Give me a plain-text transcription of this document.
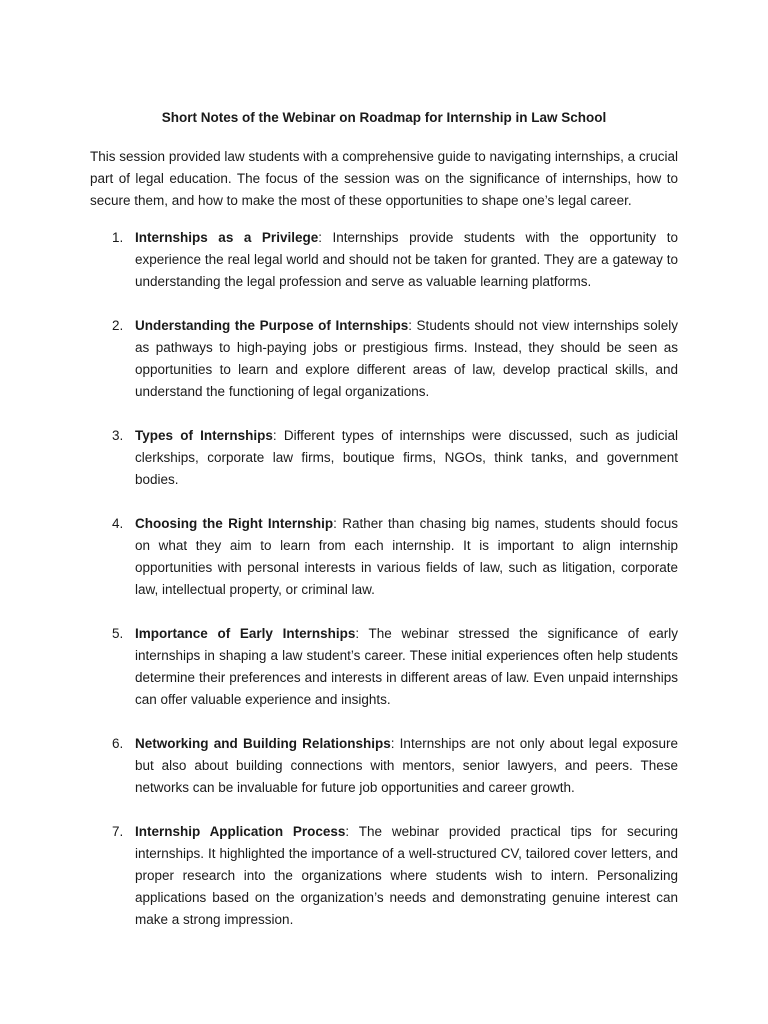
Short Notes of the Webinar on Roadmap for Internship in Law School

This session provided law students with a comprehensive guide to navigating internships, a crucial part of legal education. The focus of the session was on the significance of internships, how to secure them, and how to make the most of these opportunities to shape one’s legal career.

1. Internships as a Privilege: Internships provide students with the opportunity to experience the real legal world and should not be taken for granted. They are a gateway to understanding the legal profession and serve as valuable learning platforms.
2. Understanding the Purpose of Internships: Students should not view internships solely as pathways to high-paying jobs or prestigious firms. Instead, they should be seen as opportunities to learn and explore different areas of law, develop practical skills, and understand the functioning of legal organizations.
3. Types of Internships: Different types of internships were discussed, such as judicial clerkships, corporate law firms, boutique firms, NGOs, think tanks, and government bodies.
4. Choosing the Right Internship: Rather than chasing big names, students should focus on what they aim to learn from each internship. It is important to align internship opportunities with personal interests in various fields of law, such as litigation, corporate law, intellectual property, or criminal law.
5. Importance of Early Internships: The webinar stressed the significance of early internships in shaping a law student’s career. These initial experiences often help students determine their preferences and interests in different areas of law. Even unpaid internships can offer valuable experience and insights.
6. Networking and Building Relationships: Internships are not only about legal exposure but also about building connections with mentors, senior lawyers, and peers. These networks can be invaluable for future job opportunities and career growth.
7. Internship Application Process: The webinar provided practical tips for securing internships. It highlighted the importance of a well-structured CV, tailored cover letters, and proper research into the organizations where students wish to intern. Personalizing applications based on the organization’s needs and demonstrating genuine interest can make a strong impression.
